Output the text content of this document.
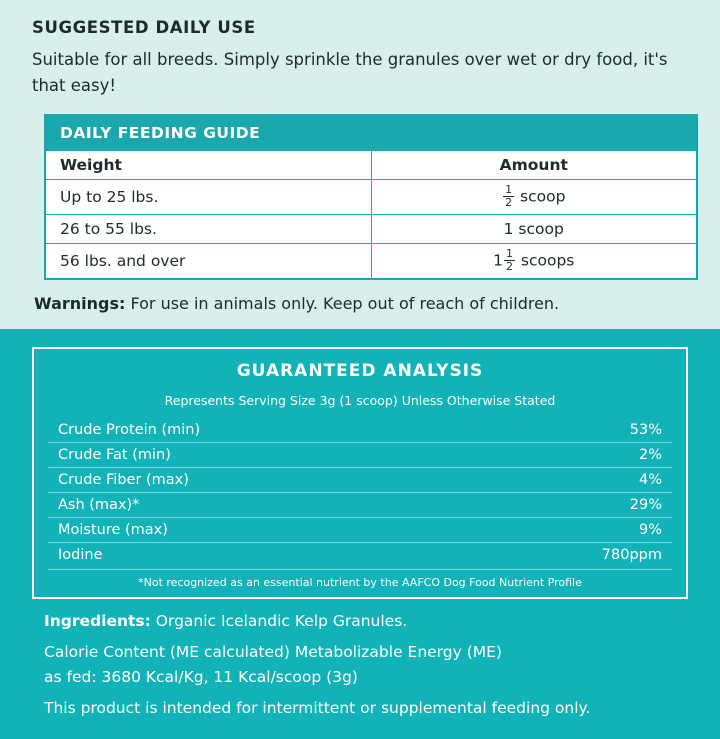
SUGGESTED DAILY USE

Suitable for all breeds. Simply sprinkle the granules over wet or dry food, it's that easy!

DAILY FEEDING GUIDE	
Weight	Amount
Up to 25 lbs.	$\frac{1}{2}$ scoop
26 to 55 lbs.	1 scoop
56 lbs. and over	$1 \frac{1}{2}$ scoops

Warnings: For use in animals only. Keep out of reach of children.

GUARANTEED ANALYSIS
Represents Serving Size 3g (1 scoop) Unless Otherwise Stated
Crude Protein (min)	53%
Crude Fat (min)	2%
Crude Fiber (max)	4%
Ash (max)*	29%
Moisture (max)	9%
Iodine	780ppm
*Not recognized as an essential nutrient by the AAFCO Dog Food Nutrient Profile

Ingredients: Organic Icelandic Kelp Granules.

Calorie Content (ME calculated) Metabolizable Energy (ME)

as fed: 3680 Kcal/Kg, 11 Kcal/scoop (3g)

This product is intended for intermittent or supplemental feeding only.
